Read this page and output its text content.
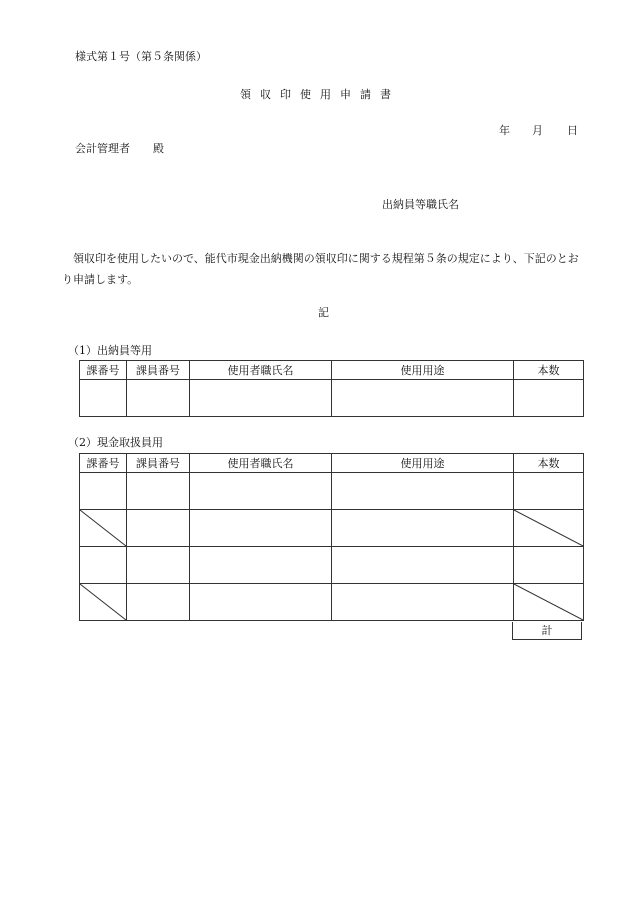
様式第１号（第５条関係）
領収印使用申請書
年 月 日
会計管理者 殿
出納員等職氏名
領収印を使用したいので、能代市現金出納機関の領収印に関する規程第５条の規定により、下記のとおり申請します。
記
（1）出納員等用
課番号	課員番号	使用者職氏名	使用用途	本数

（2）現金取扱員用
課番号	課員番号	使用者職氏名	使用用途	本数

計
